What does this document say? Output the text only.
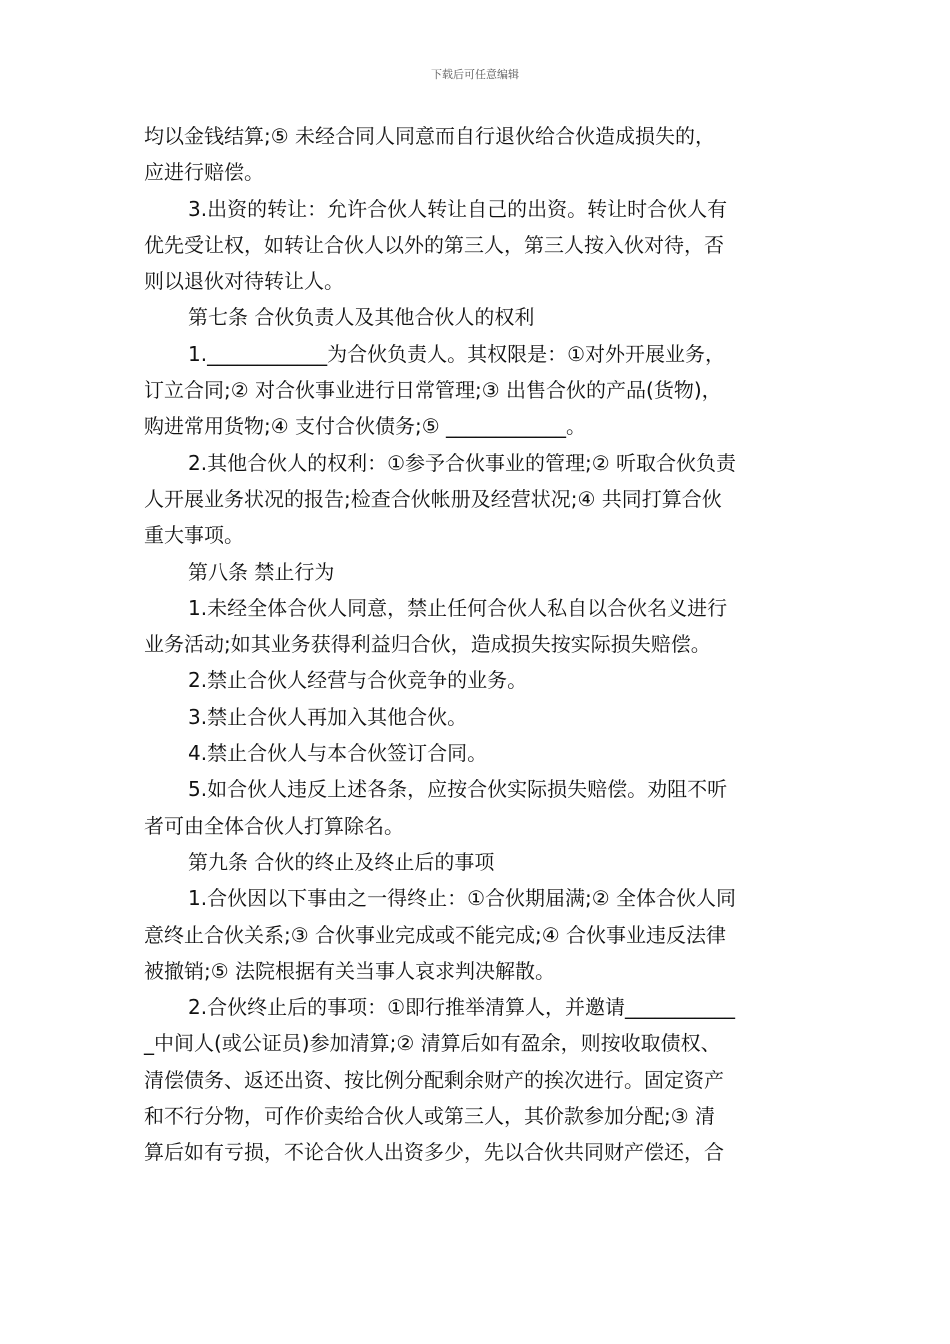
下载后可任意编辑
均以金钱结算;⑤ 未经合同人同意而自行退伙给合伙造成损失的，
应进行赔偿。
3.出资的转让：允许合伙人转让自己的出资。转让时合伙人有
优先受让权，如转让合伙人以外的第三人，第三人按入伙对待，否
则以退伙对待转让人。
第七条 合伙负责人及其他合伙人的权利
1.____________为合伙负责人。其权限是：①对外开展业务，
订立合同;② 对合伙事业进行日常管理;③ 出售合伙的产品(货物)，
购进常用货物;④ 支付合伙债务;⑤ ____________。
2.其他合伙人的权利：①参予合伙事业的管理;② 听取合伙负责
人开展业务状况的报告;检查合伙帐册及经营状况;④ 共同打算合伙
重大事项。
第八条 禁止行为
1.未经全体合伙人同意，禁止任何合伙人私自以合伙名义进行
业务活动;如其业务获得利益归合伙，造成损失按实际损失赔偿。
2.禁止合伙人经营与合伙竞争的业务。
3.禁止合伙人再加入其他合伙。
4.禁止合伙人与本合伙签订合同。
5.如合伙人违反上述各条，应按合伙实际损失赔偿。劝阻不听
者可由全体合伙人打算除名。
第九条 合伙的终止及终止后的事项
1.合伙因以下事由之一得终止：①合伙期届满;② 全体合伙人同
意终止合伙关系;③ 合伙事业完成或不能完成;④ 合伙事业违反法律
被撤销;⑤ 法院根据有关当事人哀求判决解散。
2.合伙终止后的事项：①即行推举清算人，并邀请___________
_中间人(或公证员)参加清算;② 清算后如有盈余，则按收取债权、
清偿债务、返还出资、按比例分配剩余财产的挨次进行。固定资产
和不行分物，可作价卖给合伙人或第三人，其价款参加分配;③ 清
算后如有亏损，不论合伙人出资多少，先以合伙共同财产偿还，合
